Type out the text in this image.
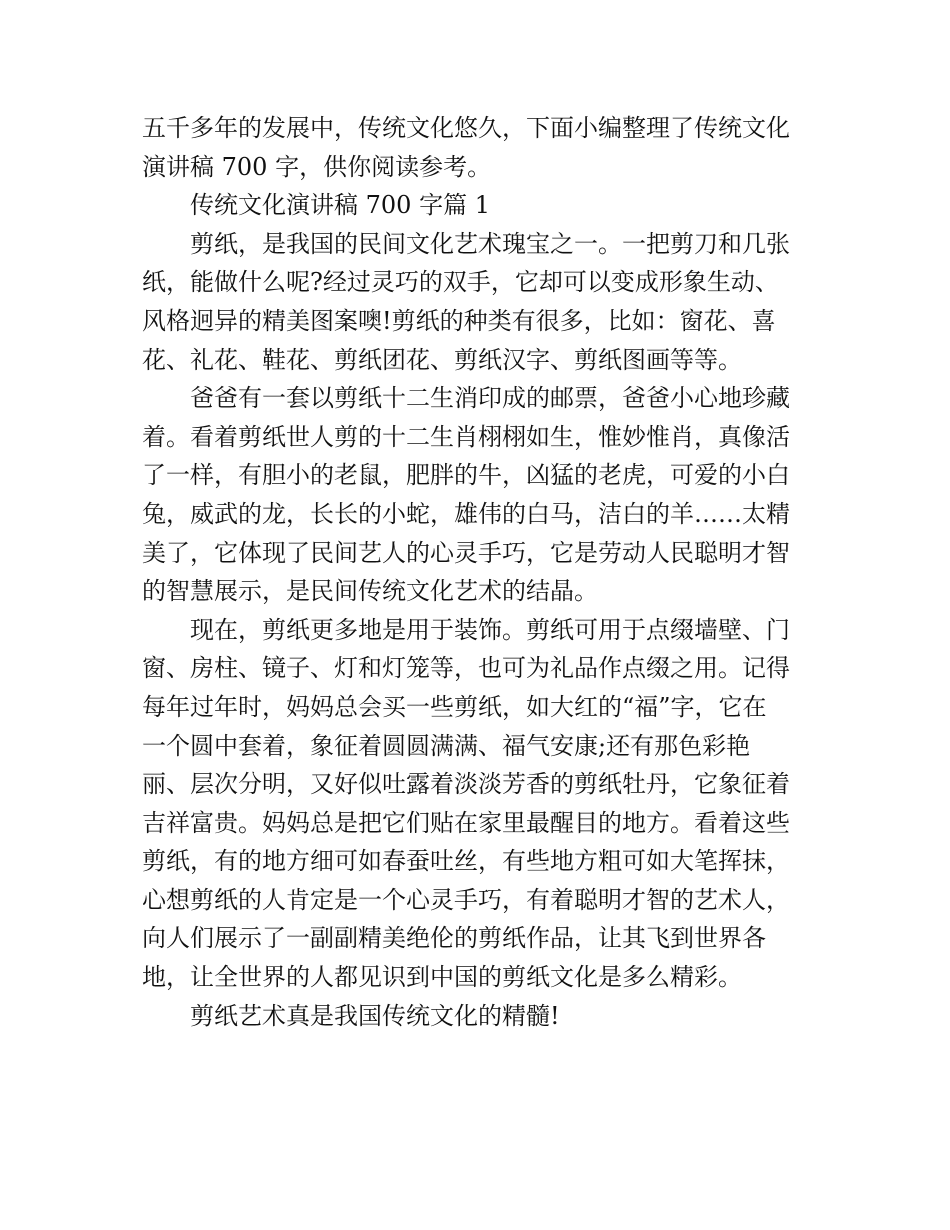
五千多年的发展中，传统文化悠久，下面小编整理了传统文化
演讲稿 700 字，供你阅读参考。
传统文化演讲稿 700 字篇 1
剪纸，是我国的民间文化艺术瑰宝之一。一把剪刀和几张
纸，能做什么呢?经过灵巧的双手，它却可以变成形象生动、
风格迥异的精美图案噢!剪纸的种类有很多，比如：窗花、喜
花、礼花、鞋花、剪纸团花、剪纸汉字、剪纸图画等等。
爸爸有一套以剪纸十二生消印成的邮票，爸爸小心地珍藏
着。看着剪纸世人剪的十二生肖栩栩如生，惟妙惟肖，真像活
了一样，有胆小的老鼠，肥胖的牛，凶猛的老虎，可爱的小白
兔，威武的龙，长长的小蛇，雄伟的白马，洁白的羊……太精
美了，它体现了民间艺人的心灵手巧，它是劳动人民聪明才智
的智慧展示，是民间传统文化艺术的结晶。
现在，剪纸更多地是用于装饰。剪纸可用于点缀墙壁、门
窗、房柱、镜子、灯和灯笼等，也可为礼品作点缀之用。记得
每年过年时，妈妈总会买一些剪纸，如大红的“福”字，它在
一个圆中套着，象征着圆圆满满、福气安康;还有那色彩艳
丽、层次分明，又好似吐露着淡淡芳香的剪纸牡丹，它象征着
吉祥富贵。妈妈总是把它们贴在家里最醒目的地方。看着这些
剪纸，有的地方细可如春蚕吐丝，有些地方粗可如大笔挥抹，
心想剪纸的人肯定是一个心灵手巧，有着聪明才智的艺术人，
向人们展示了一副副精美绝伦的剪纸作品，让其飞到世界各
地，让全世界的人都见识到中国的剪纸文化是多么精彩。
剪纸艺术真是我国传统文化的精髓!
